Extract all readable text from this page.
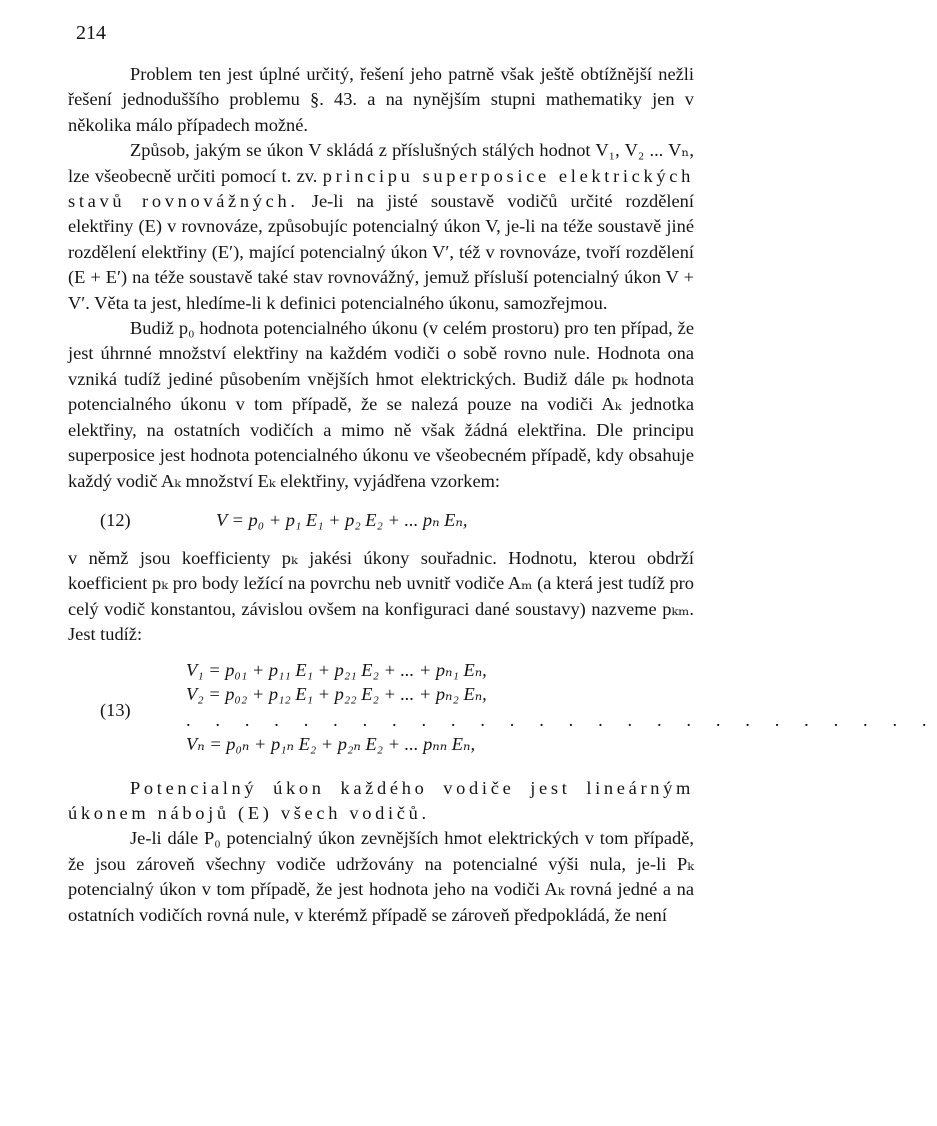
214

Problem ten jest úplné určitý, řešení jeho patrně však ještě obtížnější nežli řešení jednoduššího problemu §. 43. a na nynějším stupni mathematiky jen v několika málo případech možné.

Způsob, jakým se úkon V skládá z příslušných stálých hodnot V₁, V₂ ... Vₙ, lze všeobecně určiti pomocí t. zv. principu superposice elektrických stavů rovnovážných. Je-li na jisté soustavě vodičů určité rozdělení elektřiny (E) v rovnováze, způsobujíc potencialný úkon V, je-li na téže soustavě jiné rozdělení elektřiny (E′), mající potencialný úkon V′, též v rovnováze, tvoří rozdělení (E + E′) na téže soustavě také stav rovnovážný, jemuž přísluší potencialný úkon V + V′. Věta ta jest, hledíme-li k definici potencialného úkonu, samozřejmou.

Budiž p₀ hodnota potencialného úkonu (v celém prostoru) pro ten případ, že jest úhrnné množství elektřiny na každém vodiči o sobě rovno nule. Hodnota ona vzniká tudíž jediné působením vnějších hmot elektrických. Budiž dále pₖ hodnota potencialného úkonu v tom případě, že se nalezá pouze na vodiči Aₖ jednotka elektřiny, na ostatních vodičích a mimo ně však žádná elektřina. Dle principu superposice jest hodnota potencialného úkonu ve všeobecném případě, kdy obsahuje každý vodič Aₖ množství Eₖ elektřiny, vyjádřena vzorkem:

(12)	V = p₀ + p₁ E₁ + p₂ E₂ + ... pₙ Eₙ,

v němž jsou koefficienty pₖ jakési úkony souřadnic. Hodnotu, kterou obdrží koefficient pₖ pro body ležící na povrchu neb uvnitř vodiče Aₘ (a která jest tudíž pro celý vodič konstantou, závislou ovšem na konfiguraci dané soustavy) nazveme pₖₘ. Jest tudíž:

(13)
V₁ = p₀₁ + p₁₁ E₁ + p₂₁ E₂ + ... + pₙ₁ Eₙ,
V₂ = p₀₂ + p₁₂ E₁ + p₂₂ E₂ + ... + pₙ₂ Eₙ,
. . . . . . . . . . . . . . . . . . . . . . . . . .
Vₙ = p₀ₙ + p₁ₙ E₂ + p₂ₙ E₂ + ... pₙₙ Eₙ,

Potencialný úkon každého vodiče jest lineárným úkonem nábojů (E) všech vodičů.

Je-li dále P₀ potencialný úkon zevnějších hmot elektrických v tom případě, že jsou zároveň všechny vodiče udržovány na potencialné výši nula, je-li Pₖ potencialný úkon v tom případě, že jest hodnota jeho na vodiči Aₖ rovná jedné a na ostatních vodičích rovná nule, v kterémž případě se zároveň předpokládá, že není
